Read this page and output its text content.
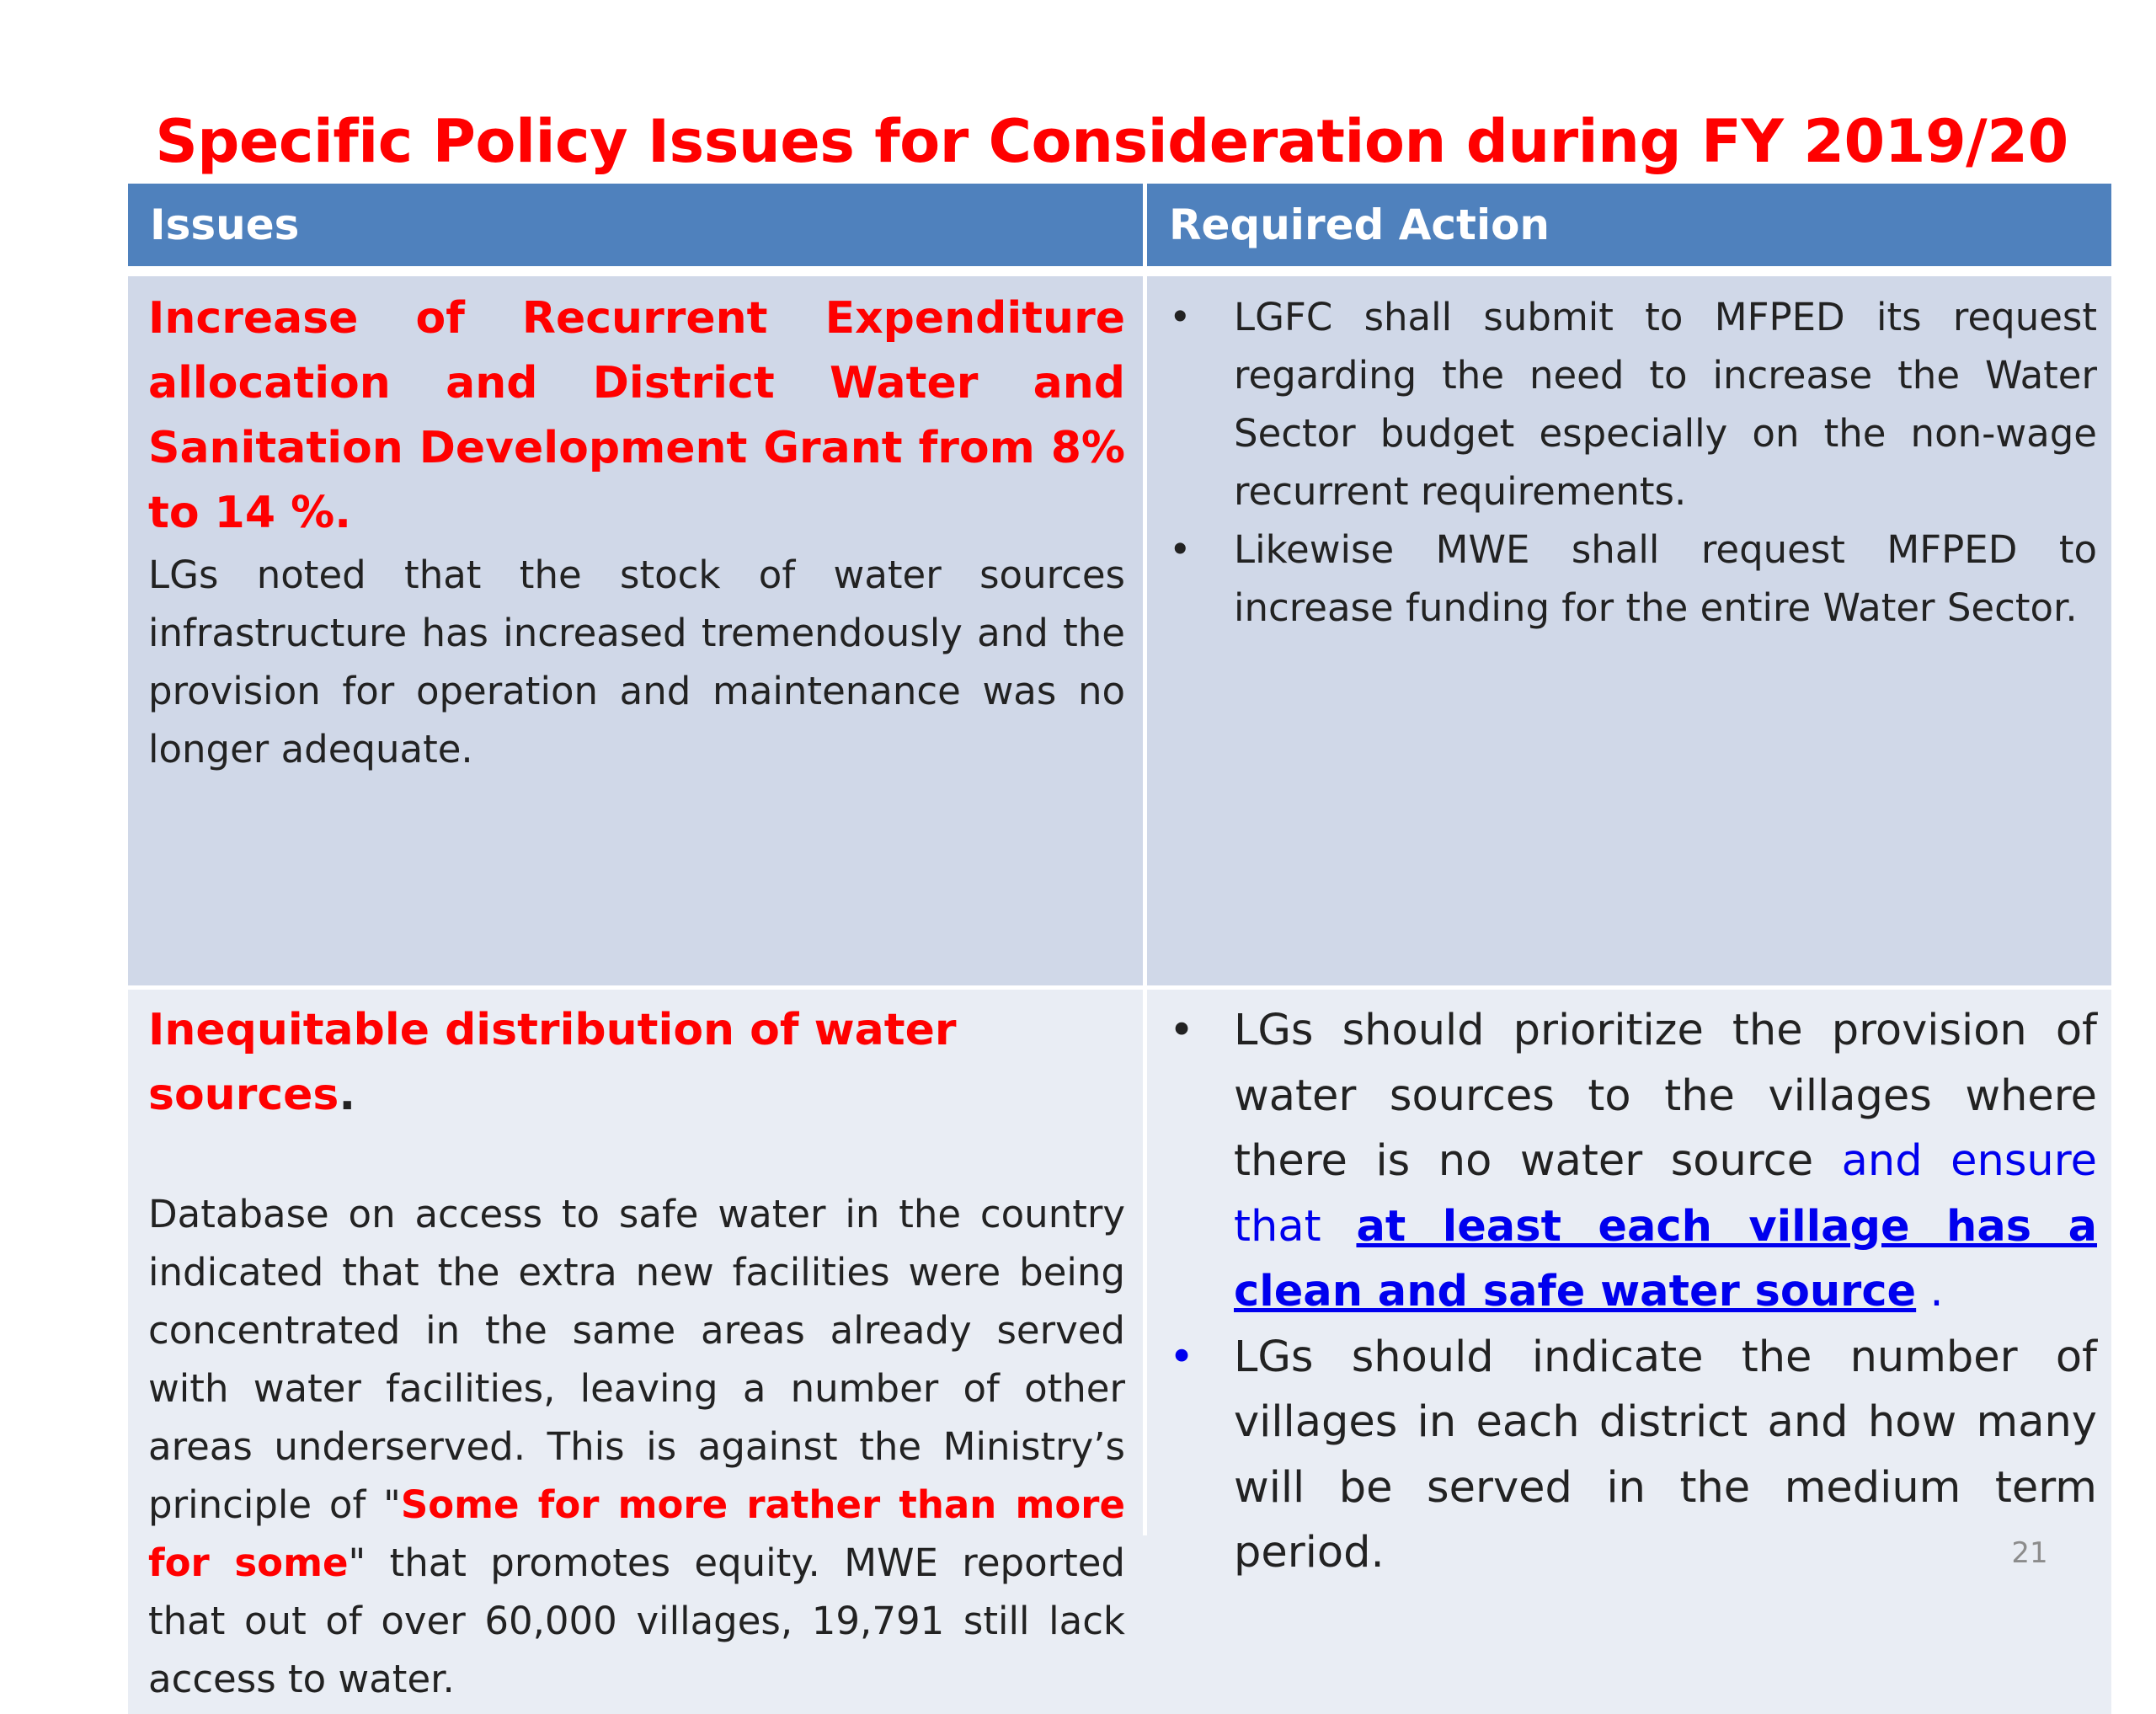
Specific Policy Issues for Consideration during FY 2019/20
Issues	Required Action

Increase of Recurrent Expenditure allocation and District Water and Sanitation Development Grant from 8% to 14 %.

LGs noted that the stock of water sources infrastructure has increased tremendously and the provision for operation and maintenance was no longer adequate.

• LGFC shall submit to MFPED its request regarding the need to increase the Water Sector budget especially on the non-wage recurrent requirements.
• Likewise MWE shall request MFPED to increase funding for the entire Water Sector.

Inequitable distribution of water sources.

Database on access to safe water in the country indicated that the extra new facilities were being concentrated in the same areas already served with water facilities, leaving a number of other areas underserved. This is against the Ministry’s principle of "Some for more rather than more for some" that promotes equity. MWE reported that out of over 60,000 villages, 19,791 still lack access to water.

• LGs should prioritize the provision of water sources to the villages where there is no water source and ensure that at least each village has a clean and safe water source .
• LGs should indicate the number of villages in each district and how many will be served in the medium term period.	21
